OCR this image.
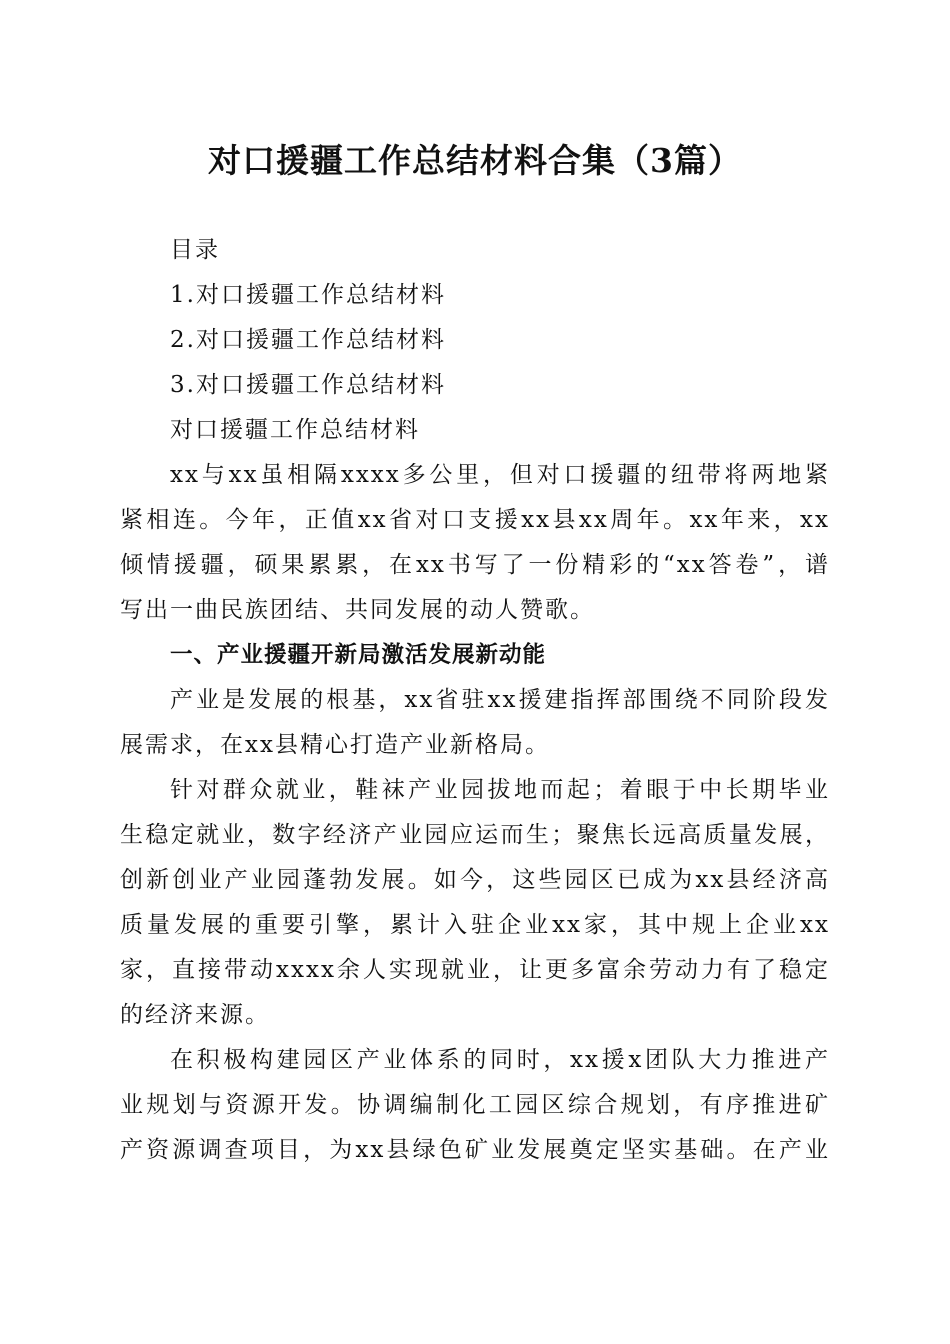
对口援疆工作总结材料合集（3篇）

目录

1.对口援疆工作总结材料

2.对口援疆工作总结材料

3.对口援疆工作总结材料

对口援疆工作总结材料

xx与xx虽相隔xxxx多公里，但对口援疆的纽带将两地紧

紧相连。今年，正值xx省对口支援xx县xx周年。xx年来，xx

倾情援疆，硕果累累，在xx书写了一份精彩的“xx答卷”，谱

写出一曲民族团结、共同发展的动人赞歌。

一、产业援疆开新局激活发展新动能

产业是发展的根基，xx省驻xx援建指挥部围绕不同阶段发

展需求，在xx县精心打造产业新格局。

针对群众就业，鞋袜产业园拔地而起；着眼于中长期毕业

生稳定就业，数字经济产业园应运而生；聚焦长远高质量发展，

创新创业产业园蓬勃发展。如今，这些园区已成为xx县经济高

质量发展的重要引擎，累计入驻企业xx家，其中规上企业xx

家，直接带动xxxx余人实现就业，让更多富余劳动力有了稳定

的经济来源。

在积极构建园区产业体系的同时，xx援x团队大力推进产

业规划与资源开发。协调编制化工园区综合规划，有序推进矿

产资源调查项目，为xx县绿色矿业发展奠定坚实基础。在产业
